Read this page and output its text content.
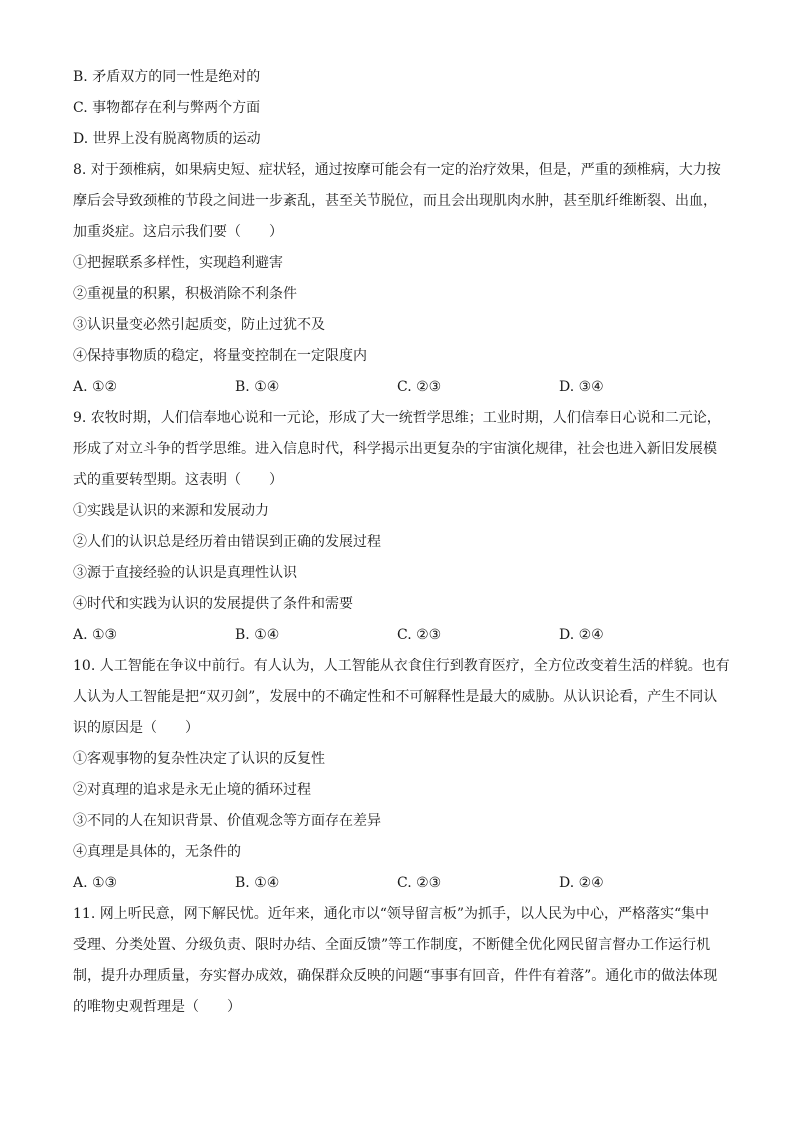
B. 矛盾双方的同一性是绝对的
C. 事物都存在利与弊两个方面
D. 世界上没有脱离物质的运动
8. 对于颈椎病，如果病史短、症状轻，通过按摩可能会有一定的治疗效果，但是，严重的颈椎病，大力按
摩后会导致颈椎的节段之间进一步紊乱，甚至关节脱位，而且会出现肌肉水肿，甚至肌纤维断裂、出血，
加重炎症。这启示我们要（　　）
①把握联系多样性，实现趋利避害
②重视量的积累，积极消除不利条件
③认识量变必然引起质变，防止过犹不及
④保持事物质的稳定，将量变控制在一定限度内
A. ①②	B. ①④	C. ②③	D. ③④
9. 农牧时期，人们信奉地心说和一元论，形成了大一统哲学思维；工业时期，人们信奉日心说和二元论，
形成了对立斗争的哲学思维。进入信息时代，科学揭示出更复杂的宇宙演化规律，社会也进入新旧发展模
式的重要转型期。这表明（　　）
①实践是认识的来源和发展动力
②人们的认识总是经历着由错误到正确的发展过程
③源于直接经验的认识是真理性认识
④时代和实践为认识的发展提供了条件和需要
A. ①③	B. ①④	C. ②③	D. ②④
10. 人工智能在争议中前行。有人认为，人工智能从衣食住行到教育医疗，全方位改变着生活的样貌。也有
人认为人工智能是把“双刃剑”，发展中的不确定性和不可解释性是最大的威胁。从认识论看，产生不同认
识的原因是（　　）
①客观事物的复杂性决定了认识的反复性
②对真理的追求是永无止境的循环过程
③不同的人在知识背景、价值观念等方面存在差异
④真理是具体的，无条件的
A. ①③	B. ①④	C. ②③	D. ②④
11. 网上听民意，网下解民忧。近年来，通化市以“领导留言板”为抓手，以人民为中心，严格落实“集中
受理、分类处置、分级负责、限时办结、全面反馈”等工作制度，不断健全优化网民留言督办工作运行机
制，提升办理质量，夯实督办成效，确保群众反映的问题“事事有回音，件件有着落”。通化市的做法体现
的唯物史观哲理是（　　）
